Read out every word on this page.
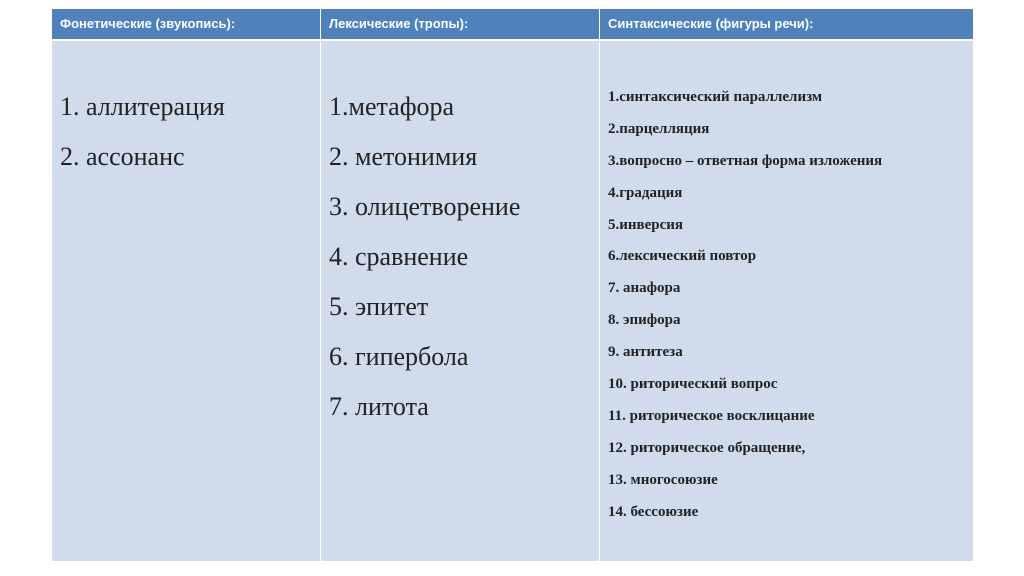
Фонетические (звукопись):	Лексические (тропы):	Синтаксические (фигуры речи):
1. аллитерация
2. ассонанс
1.метафора
2. метонимия
3. олицетворение
4. сравнение
5. эпитет
6. гипербола
7. литота
1.синтаксический параллелизм
2.парцелляция
3.вопросно – ответная форма изложения
4.градация
5.инверсия
6.лексический повтор
7. анафора
8. эпифора
9. антитеза
10. риторический вопрос
11. риторическое восклицание
12. риторическое обращение,
13. многосоюзие
14. бессоюзие
